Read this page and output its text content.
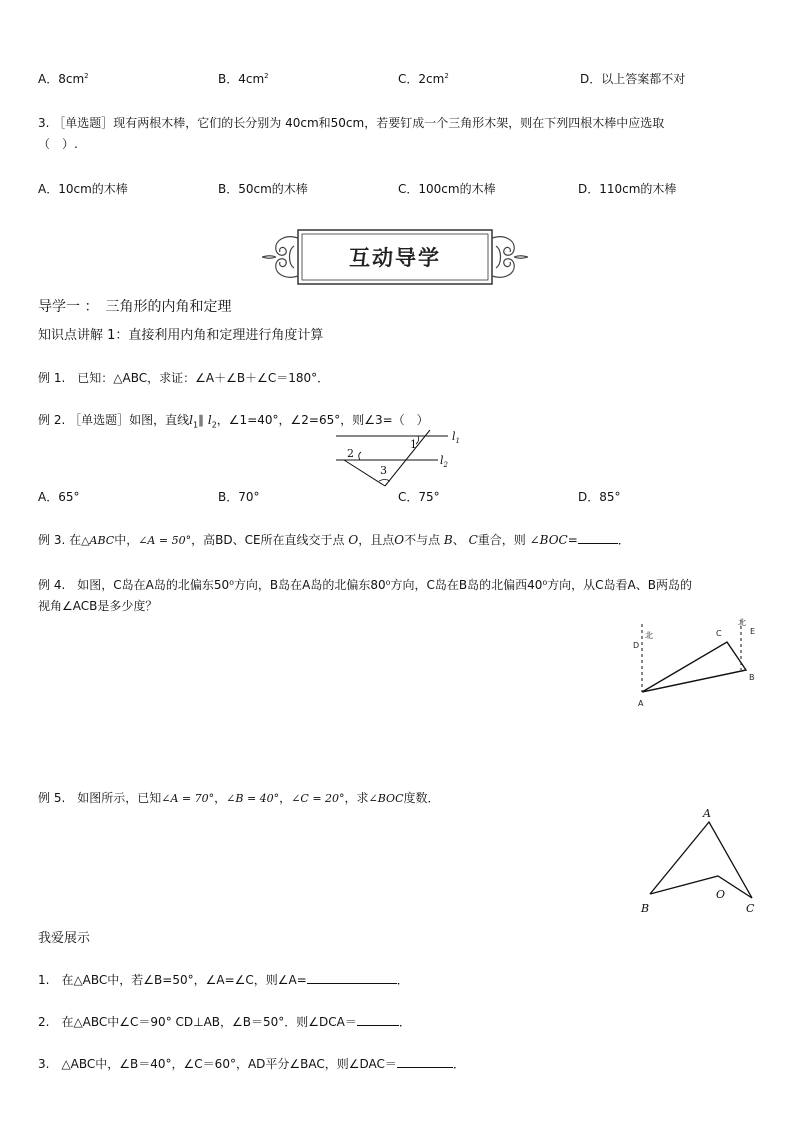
A．$8cm^2$	B．$4cm^2$	C．$2cm^2$	D．以上答案都不对
3. ［单选题］现有两根木棒，它们的长分别为 40cm和50cm，若要钉成一个三角形木架，则在下列四根木棒中应选取
（　）.
A．10cm的木棒	B．50cm的木棒	C．100cm的木棒	D．110cm的木棒
互动导学
导学一 ：　三角形的内角和定理
知识点讲解 1：直接利用内角和定理进行角度计算
例 1.　已知：△ABC，求证：∠A＋∠B＋∠C＝180°．
例 2. ［单选题］如图，直线$l_1\parallel$ $l_2$，∠1=40°，∠2=65°，则∠3=（　）
2
1
3
$l_1$
$l_2$
A．65°	B．70°	C．75°	D．85°
例 3. 在△ABC中，∠A = 50°，高BD、CE所在直线交于点 O，且点O不与点 B、 C重合，则 ∠BOC=	．
例 4.　如图，C岛在A岛的北偏东50⁰方向，B岛在A岛的北偏东80⁰方向，C岛在B岛的北偏西40⁰方向，从C岛看A、B两岛的
视角∠ACB是多少度？
北
北
D
C	E
B
A
例 5.　如图所示，已知∠A = 70°，∠B = 40°，∠C = 20°，求∠BOC度数．
A
B
O
C
我爱展示
1.　在△ABC中，若∠B=50°，∠A=∠C，则∠A=	．
2.　在△ABC中∠C＝90° CD⊥AB，∠B＝50°．则∠DCA＝	．
3.　△ABC中，∠B＝40°，∠C＝60°，AD平分∠BAC，则∠DAC＝	．
